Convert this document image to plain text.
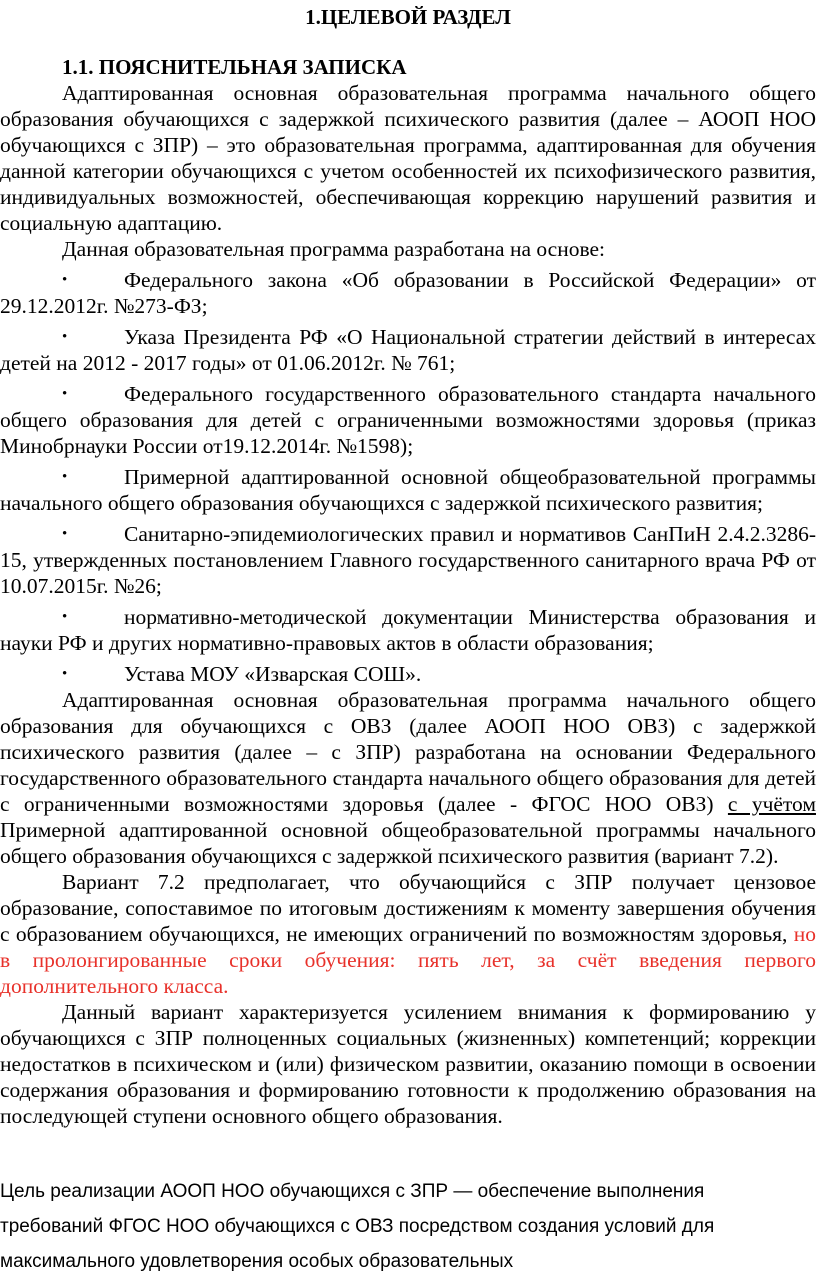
1.ЦЕЛЕВОЙ РАЗДЕЛ
1.1. ПОЯСНИТЕЛЬНАЯ ЗАПИСКА

Адаптированная основная образовательная программа начального общего образования обучающихся с задержкой психического развития (далее – АООП НОО обучающихся с ЗПР) – это образовательная программа, адаптированная для обучения данной категории обучающихся с учетом особенностей их психофизического развития, индивидуальных возможностей, обеспечивающая коррекцию нарушений развития и социальную адаптацию.

Данная образовательная программа разработана на основе:

•	Федерального закона «Об образовании в Российской Федерации» от 29.12.2012г. №273-ФЗ;

•	Указа Президента РФ «О Национальной стратегии действий в интересах детей на 2012 - 2017 годы» от 01.06.2012г. № 761;

•	Федерального государственного образовательного стандарта начального общего образования для детей с ограниченными возможностями здоровья (приказ Минобрнауки России от19.12.2014г. №1598);

•	Примерной адаптированной основной общеобразовательной программы начального общего образования обучающихся с задержкой психического развития;

•	Санитарно-эпидемиологических правил и нормативов СанПиН 2.4.2.3286-15, утвержденных постановлением Главного государственного санитарного врача РФ от 10.07.2015г. №26;

•	нормативно-методической документации Министерства образования и науки РФ и других нормативно-правовых актов в области образования;

•	Устава МОУ «Изварская СОШ».

Адаптированная основная образовательная программа начального общего образования для обучающихся с ОВЗ (далее АООП НОО ОВЗ) с задержкой психического развития (далее – с ЗПР) разработана на основании Федерального государственного образовательного стандарта начального общего образования для детей с ограниченными возможностями здоровья (далее - ФГОС НОО ОВЗ) с учётом Примерной адаптированной основной общеобразовательной программы начального общего образования обучающихся с задержкой психического развития (вариант 7.2).

Вариант 7.2 предполагает, что обучающийся с ЗПР получает цензовое образование, сопоставимое по итоговым достижениям к моменту завершения обучения с образованием обучающихся, не имеющих ограничений по возможностям здоровья, но в пролонгированные сроки обучения: пять лет, за счёт введения первого дополнительного класса.

Данный вариант характеризуется усилением внимания к формированию у обучающихся с ЗПР полноценных социальных (жизненных) компетенций; коррекции недостатков в психическом и (или) физическом развитии, оказанию помощи в освоении содержания образования и формированию готовности к продолжению образования на последующей ступени основного общего образования.

Цель реализации АООП НОО обучающихся с ЗПР — обеспечение выполнения

требований ФГОС НОО обучающихся с ОВЗ посредством создания условий для

максимального удовлетворения особых образовательных
